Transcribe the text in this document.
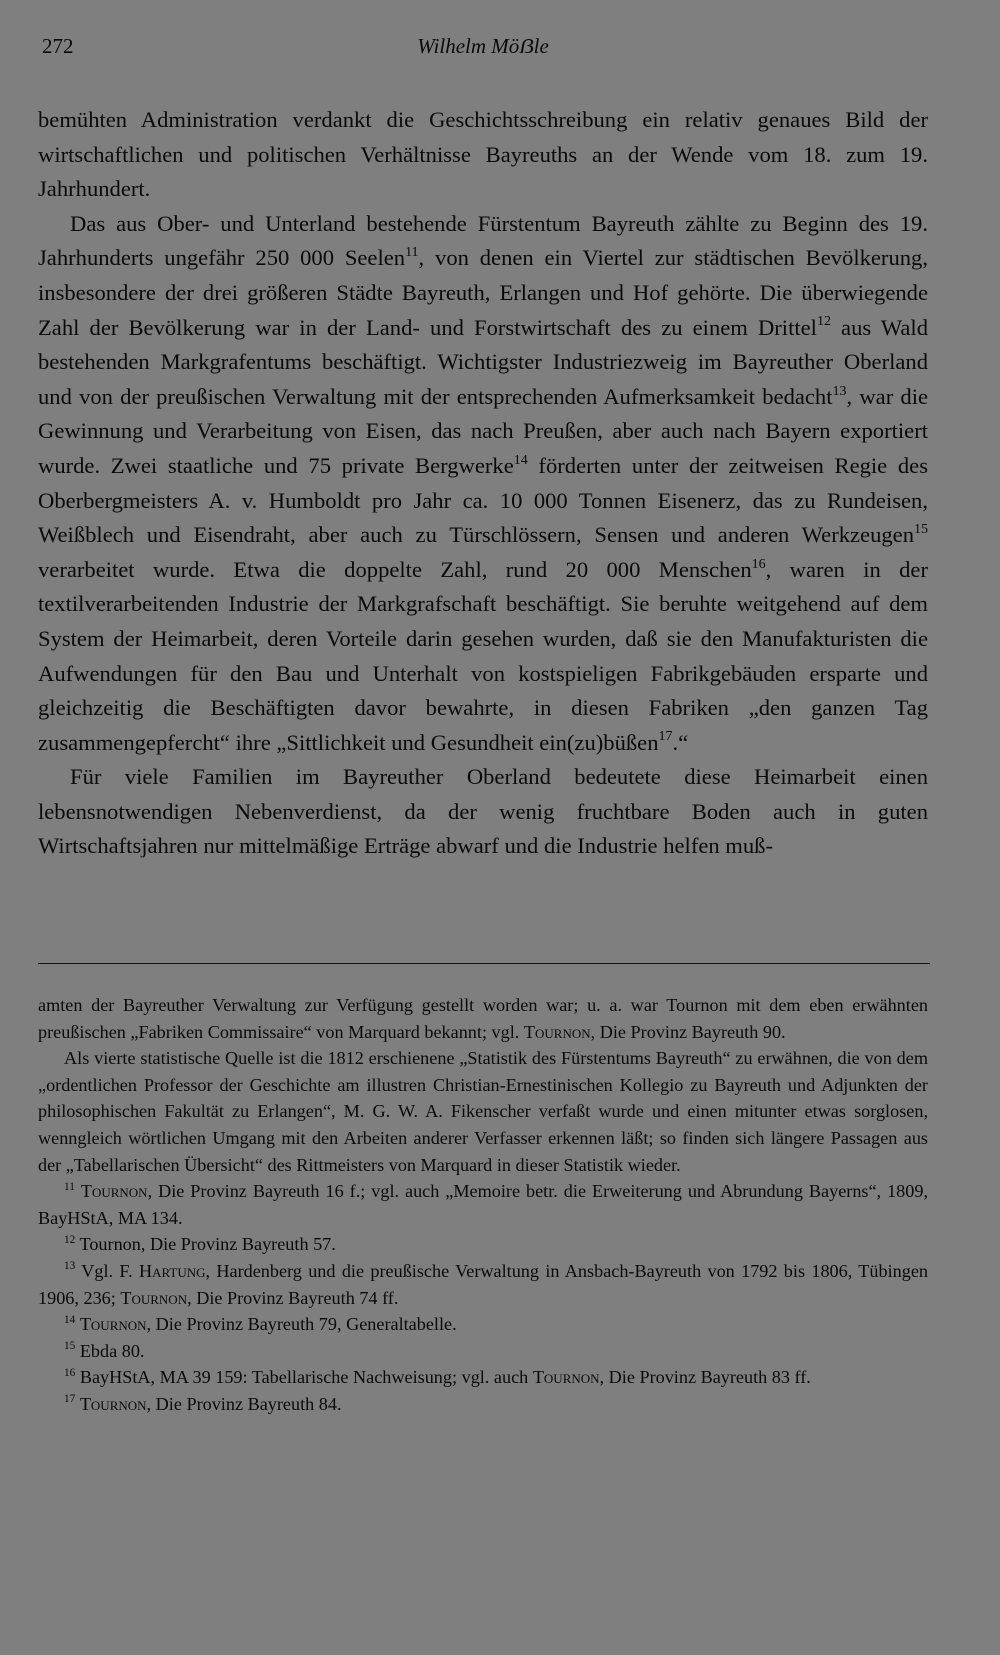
272	Wilhelm Möẞle

bemühten Administration verdankt die Geschichtsschreibung ein relativ genaues Bild der wirtschaftlichen und politischen Verhältnisse Bayreuths an der Wende vom 18. zum 19. Jahrhundert.

Das aus Ober- und Unterland bestehende Fürstentum Bayreuth zählte zu Beginn des 19. Jahrhunderts ungefähr 250 000 Seelen$^{11}$, von denen ein Viertel zur städtischen Bevölkerung, insbesondere der drei größeren Städte Bayreuth, Erlangen und Hof gehörte. Die überwiegende Zahl der Bevölkerung war in der Land- und Forstwirtschaft des zu einem Drittel$^{12}$ aus Wald bestehenden Markgrafentums beschäftigt. Wichtigster Industriezweig im Bayreuther Oberland und von der preußischen Verwaltung mit der entsprechenden Aufmerksamkeit bedacht$^{13}$, war die Gewinnung und Verarbeitung von Eisen, das nach Preußen, aber auch nach Bayern exportiert wurde. Zwei staatliche und 75 private Bergwerke$^{14}$ förderten unter der zeitweisen Regie des Oberbergmeisters A. v. Humboldt pro Jahr ca. 10 000 Tonnen Eisenerz, das zu Rundeisen, Weißblech und Eisendraht, aber auch zu Türschlössern, Sensen und anderen Werkzeugen$^{15}$ verarbeitet wurde. Etwa die doppelte Zahl, rund 20 000 Menschen$^{16}$, waren in der textilverarbeitenden Industrie der Markgrafschaft beschäftigt. Sie beruhte weitgehend auf dem System der Heimarbeit, deren Vorteile darin gesehen wurden, daß sie den Manufakturisten die Aufwendungen für den Bau und Unterhalt von kostspieligen Fabrikgebäuden ersparte und gleichzeitig die Beschäftigten davor bewahrte, in diesen Fabriken „den ganzen Tag zusammengepfercht“ ihre „Sittlichkeit und Gesundheit ein(zu)büßen$^{17}$.“

Für viele Familien im Bayreuther Oberland bedeutete diese Heimarbeit einen lebensnotwendigen Nebenverdienst, da der wenig fruchtbare Boden auch in guten Wirtschaftsjahren nur mittelmäßige Erträge abwarf und die Industrie helfen muß-

amten der Bayreuther Verwaltung zur Verfügung gestellt worden war; u. a. war Tournon mit dem eben erwähnten preußischen „Fabriken Commissaire“ von Marquard bekannt; vgl. Tournon, Die Provinz Bayreuth 90.

Als vierte statistische Quelle ist die 1812 erschienene „Statistik des Fürstentums Bayreuth“ zu erwähnen, die von dem „ordentlichen Professor der Geschichte am illustren Christian-Ernestinischen Kollegio zu Bayreuth und Adjunkten der philosophischen Fakultät zu Erlangen“, M. G. W. A. Fikenscher verfaßt wurde und einen mitunter etwas sorglosen, wenngleich wörtlichen Umgang mit den Arbeiten anderer Verfasser erkennen läßt; so finden sich längere Passagen aus der „Tabellarischen Übersicht“ des Rittmeisters von Marquard in dieser Statistik wieder.

$^{11}$ Tournon, Die Provinz Bayreuth 16 f.; vgl. auch „Memoire betr. die Erweiterung und Abrundung Bayerns“, 1809, BayHStA, MA 134.

$^{12}$ Tournon, Die Provinz Bayreuth 57.

$^{13}$ Vgl. F. Hartung, Hardenberg und die preußische Verwaltung in Ansbach-Bayreuth von 1792 bis 1806, Tübingen 1906, 236; Tournon, Die Provinz Bayreuth 74 ff.

$^{14}$ Tournon, Die Provinz Bayreuth 79, Generaltabelle.

$^{15}$ Ebda 80.

$^{16}$ BayHStA, MA 39 159: Tabellarische Nachweisung; vgl. auch Tournon, Die Provinz Bayreuth 83 ff.

$^{17}$ Tournon, Die Provinz Bayreuth 84.
